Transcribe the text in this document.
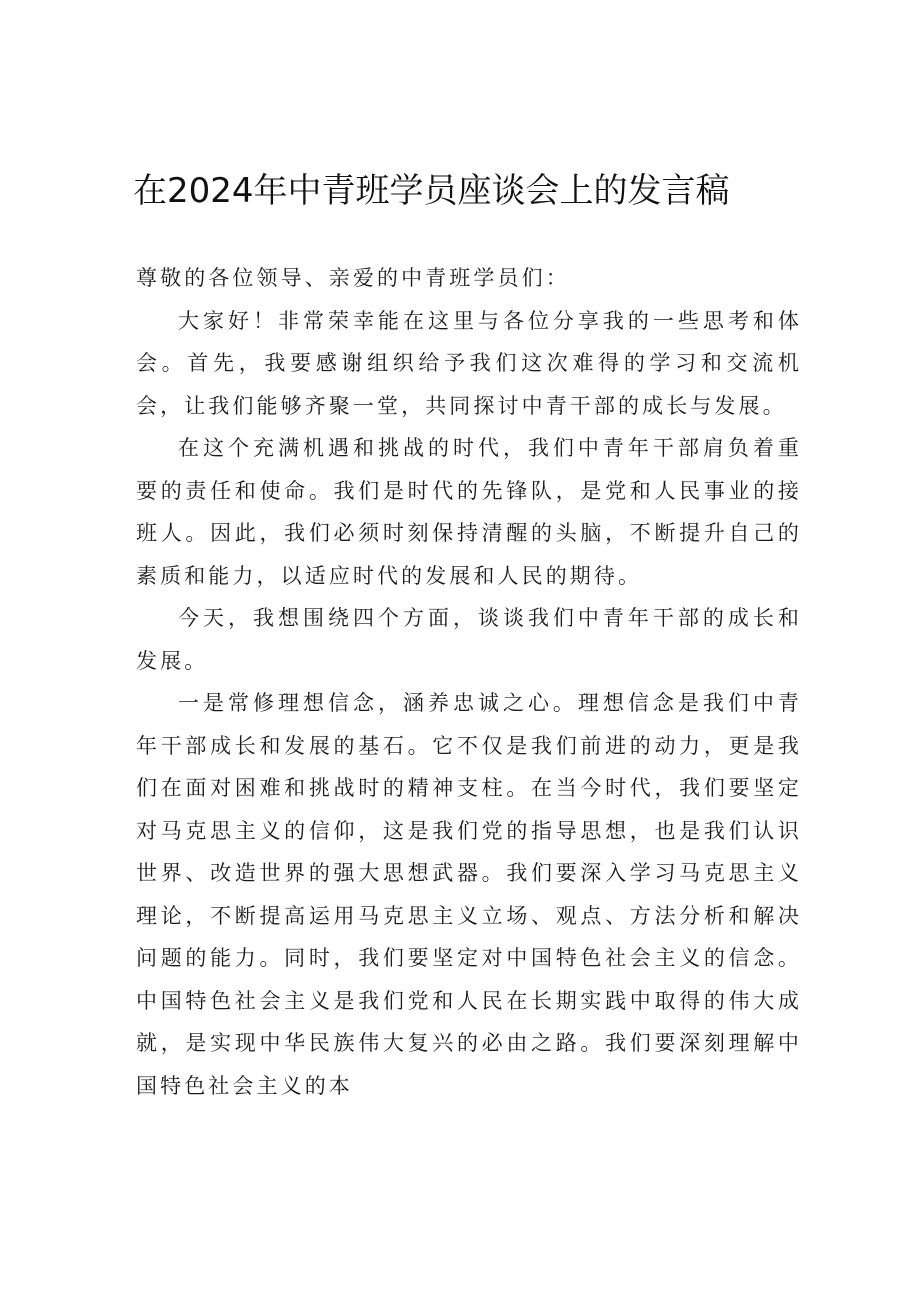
在2024年中青班学员座谈会上的发言稿

尊敬的各位领导、亲爱的中青班学员们：

大家好！非常荣幸能在这里与各位分享我的一些思考和体会。首先，我要感谢组织给予我们这次难得的学习和交流机会，让我们能够齐聚一堂，共同探讨中青干部的成长与发展。

在这个充满机遇和挑战的时代，我们中青年干部肩负着重要的责任和使命。我们是时代的先锋队，是党和人民事业的接班人。因此，我们必须时刻保持清醒的头脑，不断提升自己的素质和能力，以适应时代的发展和人民的期待。

今天，我想围绕四个方面，谈谈我们中青年干部的成长和发展。

一是常修理想信念，涵养忠诚之心。理想信念是我们中青年干部成长和发展的基石。它不仅是我们前进的动力，更是我们在面对困难和挑战时的精神支柱。在当今时代，我们要坚定对马克思主义的信仰，这是我们党的指导思想，也是我们认识世界、改造世界的强大思想武器。我们要深入学习马克思主义理论，不断提高运用马克思主义立场、观点、方法分析和解决问题的能力。同时，我们要坚定对中国特色社会主义的信念。中国特色社会主义是我们党和人民在长期实践中取得的伟大成就，是实现中华民族伟大复兴的必由之路。我们要深刻理解中国特色社会主义的本
